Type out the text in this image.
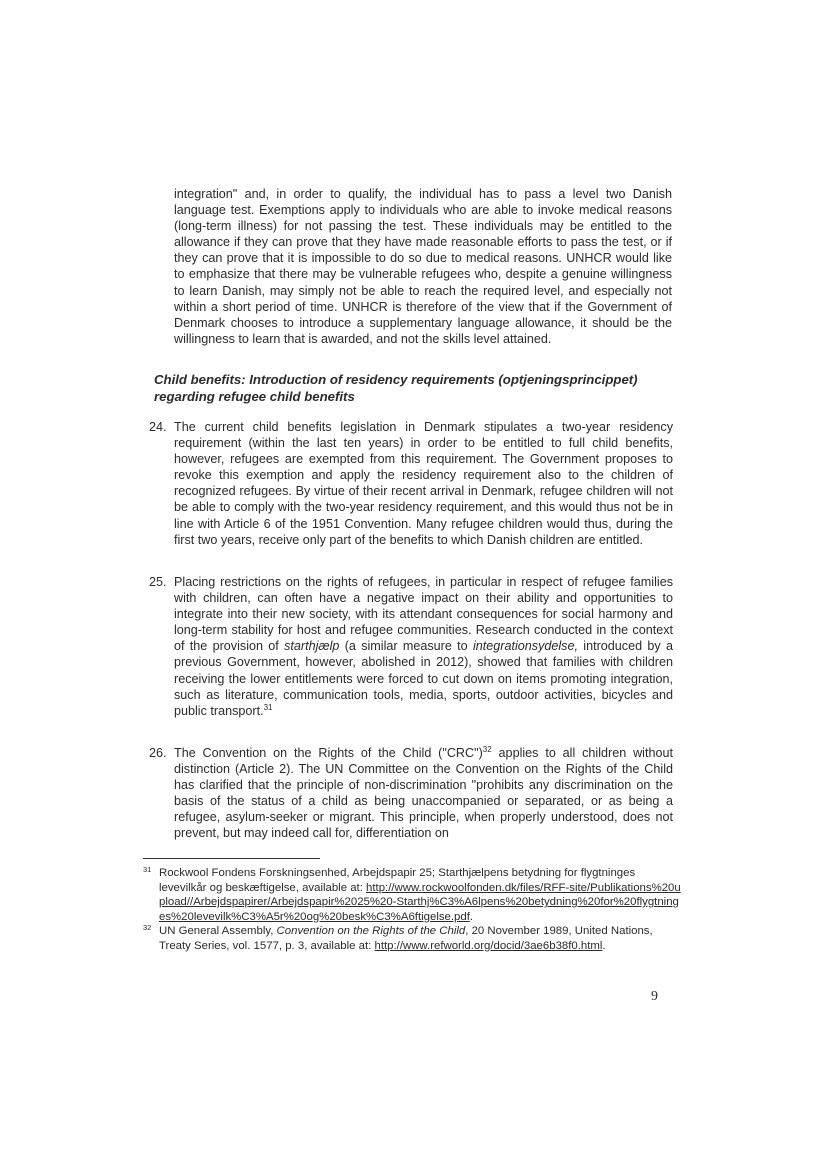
integration" and, in order to qualify, the individual has to pass a level two Danish language test. Exemptions apply to individuals who are able to invoke medical reasons (long-term illness) for not passing the test. These individuals may be entitled to the allowance if they can prove that they have made reasonable efforts to pass the test, or if they can prove that it is impossible to do so due to medical reasons. UNHCR would like to emphasize that there may be vulnerable refugees who, despite a genuine willingness to learn Danish, may simply not be able to reach the required level, and especially not within a short period of time. UNHCR is therefore of the view that if the Government of Denmark chooses to introduce a supplementary language allowance, it should be the willingness to learn that is awarded, and not the skills level attained.
Child benefits: Introduction of residency requirements (optjeningsprincippet) regarding refugee child benefits
24. The current child benefits legislation in Denmark stipulates a two-year residency requirement (within the last ten years) in order to be entitled to full child benefits, however, refugees are exempted from this requirement. The Government proposes to revoke this exemption and apply the residency requirement also to the children of recognized refugees. By virtue of their recent arrival in Denmark, refugee children will not be able to comply with the two-year residency requirement, and this would thus not be in line with Article 6 of the 1951 Convention. Many refugee children would thus, during the first two years, receive only part of the benefits to which Danish children are entitled.
25. Placing restrictions on the rights of refugees, in particular in respect of refugee families with children, can often have a negative impact on their ability and opportunities to integrate into their new society, with its attendant consequences for social harmony and long-term stability for host and refugee communities. Research conducted in the context of the provision of starthjælp (a similar measure to integrationsydelse, introduced by a previous Government, however, abolished in 2012), showed that families with children receiving the lower entitlements were forced to cut down on items promoting integration, such as literature, communication tools, media, sports, outdoor activities, bicycles and public transport.$^{31}$
26. The Convention on the Rights of the Child ("CRC")$^{32}$ applies to all children without distinction (Article 2). The UN Committee on the Convention on the Rights of the Child has clarified that the principle of non-discrimination "prohibits any discrimination on the basis of the status of a child as being unaccompanied or separated, or as being a refugee, asylum-seeker or migrant. This principle, when properly understood, does not prevent, but may indeed call for, differentiation on
31 Rockwool Fondens Forskningsenhed, Arbejdspapir 25; Starthjælpens betydning for flygtninges levevilkår og beskæftigelse, available at: http://www.rockwoolfonden.dk/files/RFF-site/Publikations%20upload//Arbejdspapirer/Arbejdspapir%2025%20-Starthj%C3%A6lpens%20betydning%20for%20flygtninges%20levevilk%C3%A5r%20og%20besk%C3%A6ftigelse.pdf.
32 UN General Assembly, Convention on the Rights of the Child, 20 November 1989, United Nations, Treaty Series, vol. 1577, p. 3, available at: http://www.refworld.org/docid/3ae6b38f0.html.
9
